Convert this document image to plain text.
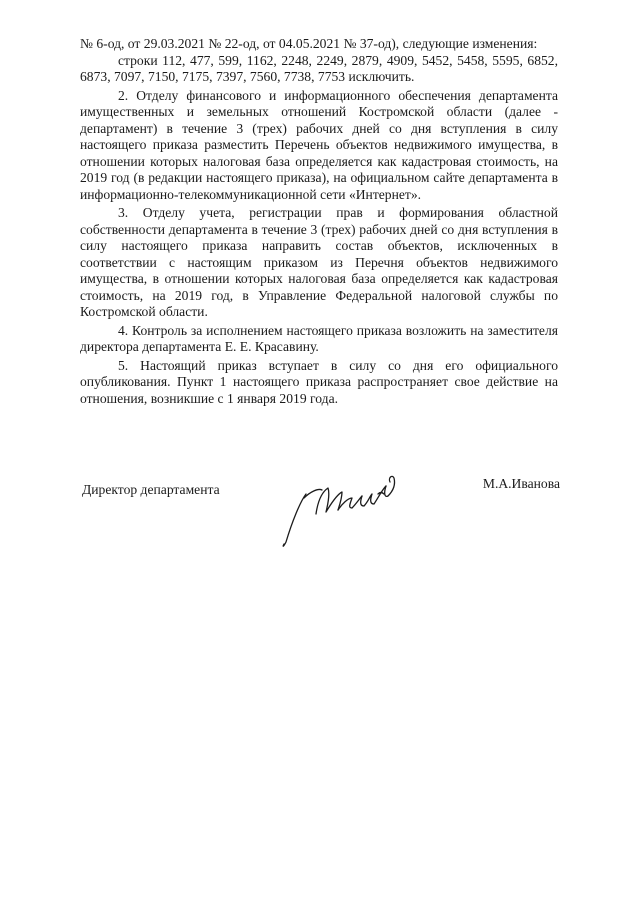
№ 6-од, от 29.03.2021 № 22-од, от 04.05.2021 № 37-од), следующие изменения:

строки 112, 477, 599, 1162, 2248, 2249, 2879, 4909, 5452, 5458, 5595, 6852, 6873, 7097, 7150, 7175, 7397, 7560, 7738, 7753 исключить.

2. Отделу финансового и информационного обеспечения департамента имущественных и земельных отношений Костромской области (далее - департамент) в течение 3 (трех) рабочих дней со дня вступления в силу настоящего приказа разместить Перечень объектов недвижимого имущества, в отношении которых налоговая база определяется как кадастровая стоимость, на 2019 год (в редакции настоящего приказа), на официальном сайте департамента в информационно-телекоммуникационной сети «Интернет».

3. Отделу учета, регистрации прав и формирования областной собственности департамента в течение 3 (трех) рабочих дней со дня вступления в силу настоящего приказа направить состав объектов, исключенных в соответствии с настоящим приказом из Перечня объектов недвижимого имущества, в отношении которых налоговая база определяется как кадастровая стоимость, на 2019 год, в Управление Федеральной налоговой службы по Костромской области.

4. Контроль за исполнением настоящего приказа возложить на заместителя директора департамента Е. Е. Красавину.

5. Настоящий приказ вступает в силу со дня его официального опубликования. Пункт 1 настоящего приказа распространяет свое действие на отношения, возникшие с 1 января 2019 года.

Директор департамента	М.А.Иванова
